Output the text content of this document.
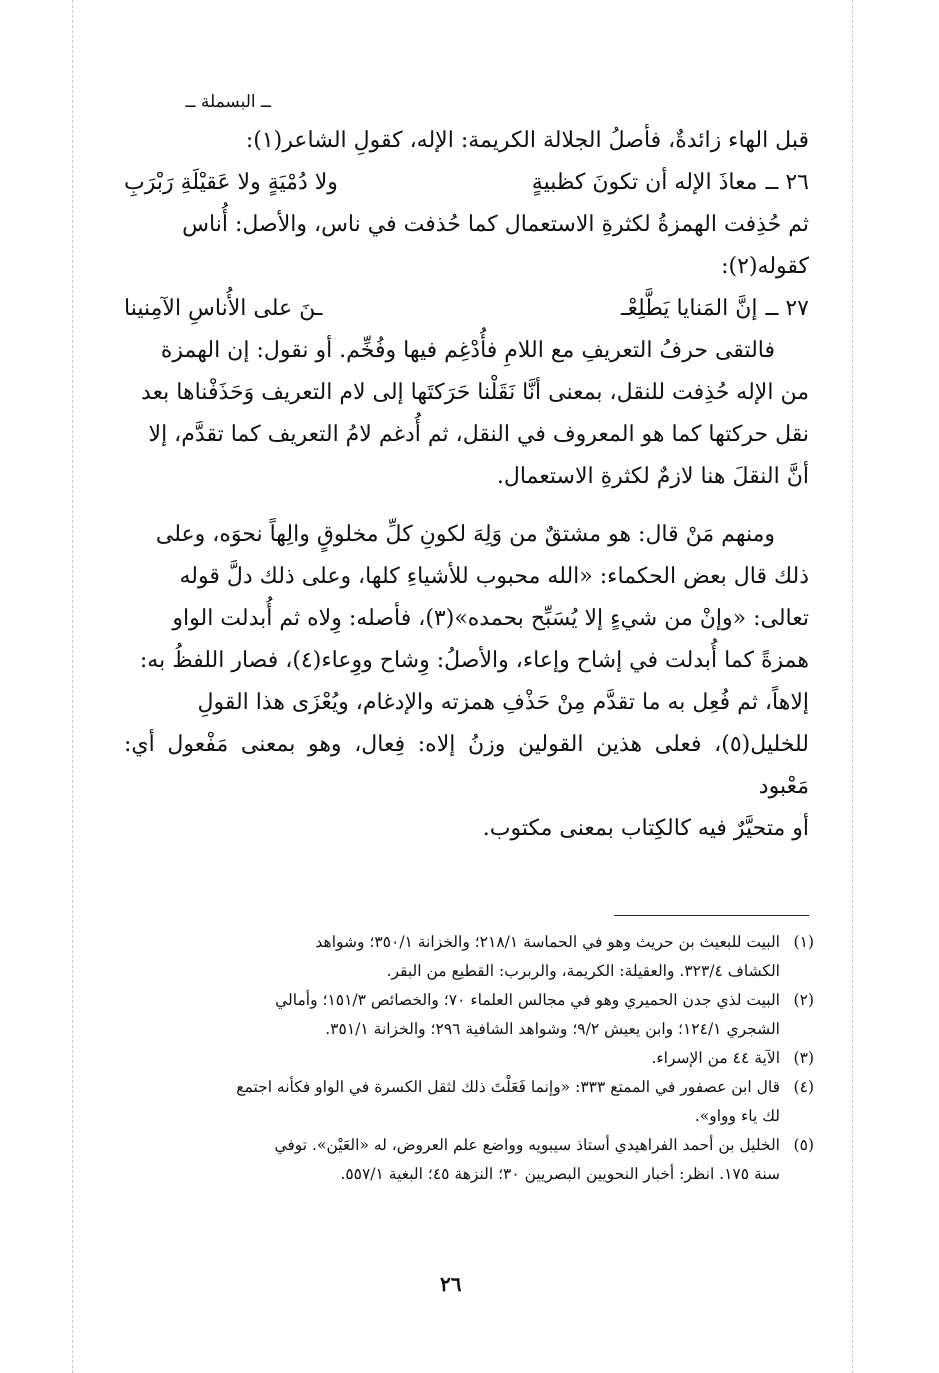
ــ البسملة ــ
قبل الهاء زائدةٌ، فأصلُ الجلالة الكريمة: الإله، كقولِ الشاعر(١):
٢٦ ــ
معاذَ الإله أن تكونَ كظبيةٍ
ولا دُمْيَةٍ ولا عَقيْلَةِ رَبْرَبِ
ثم حُذِفت الهمزةُ لكثرةِ الاستعمال كما حُذفت في ناس، والأصل: أُناس
كقوله(٢):
٢٧ ــ
إنَّ المَنايا يَطَّلِعْـ
ـنَ على الأُناسِ الآمِنينا
فالتقى حرفُ التعريفِ مع اللامِ فأُدْغِم فيها وفُخِّم. أو نقول: إن الهمزة
من الإله حُذِفت للنقل، بمعنى أنَّا نَقَلْنا حَرَكتَها إلى لام التعريف وَحَذَفْناها بعد
نقل حركتها كما هو المعروف في النقل، ثم أُدغم لامُ التعريف كما تقدَّم، إلا
أنَّ النقلَ هنا لازمٌ لكثرةِ الاستعمال.
ومنهم مَنْ قال: هو مشتقٌ من وَلِهَ لكونِ كلِّ مخلوقٍ والِهاً نحوَه، وعلى
ذلك قال بعض الحكماء: «الله محبوب للأشياءِ كلها، وعلى ذلك دلَّ قوله
تعالى: «وإنْ من شيءٍ إلا يُسَبِّح بحمده»(٣)، فأصله: وِلاه ثم أُبدلت الواو
همزةً كما أُبدلت في إشاح وإعاء، والأصلُ: وِشاح ووِعاء(٤)، فصار اللفظُ به:
إلاهاً، ثم فُعِل به ما تقدَّم مِنْ حَذْفِ همزته والإدغام، ويُعْزَى هذا القولِ
للخليل(٥)، فعلى هذين القولين وزنُ إلاه: فِعال، وهو بمعنى مَفْعول أي: مَعْبود
أو متحيَّرٌ فيه كالكِتاب بمعنى مكتوب.
(١)
البيت للبعيث بن حريث وهو في الحماسة ٢١٨/١؛ والخزانة ٣٥٠/١؛ وشواهد
الكشاف ٣٢٣/٤. والعقيلة: الكريمة، والربرب: القطيع من البقر.
(٢)
البيت لذي جدن الحميري وهو في مجالس العلماء ٧٠؛ والخصائص ١٥١/٣؛ وأمالي
الشجري ١٢٤/١؛ وابن يعيش ٩/٢؛ وشواهد الشافية ٢٩٦؛ والخزانة ٣٥١/١.
(٣)
الآية ٤٤ من الإسراء.
(٤)
قال ابن عصفور في الممتع ٣٣٣: «وإنما فَعَلْتَ ذلك لثقل الكسرة في الواو فكأنه اجتمع
لك ياء وواو».
(٥)
الخليل بن أحمد الفراهيدي أستاذ سيبويه وواضع علم العروض، له «العَيْن». توفي
سنة ١٧٥. انظر: أخبار النحويين البصريين ٣٠؛ النزهة ٤٥؛ البغية ٥٥٧/١.
٢٦
